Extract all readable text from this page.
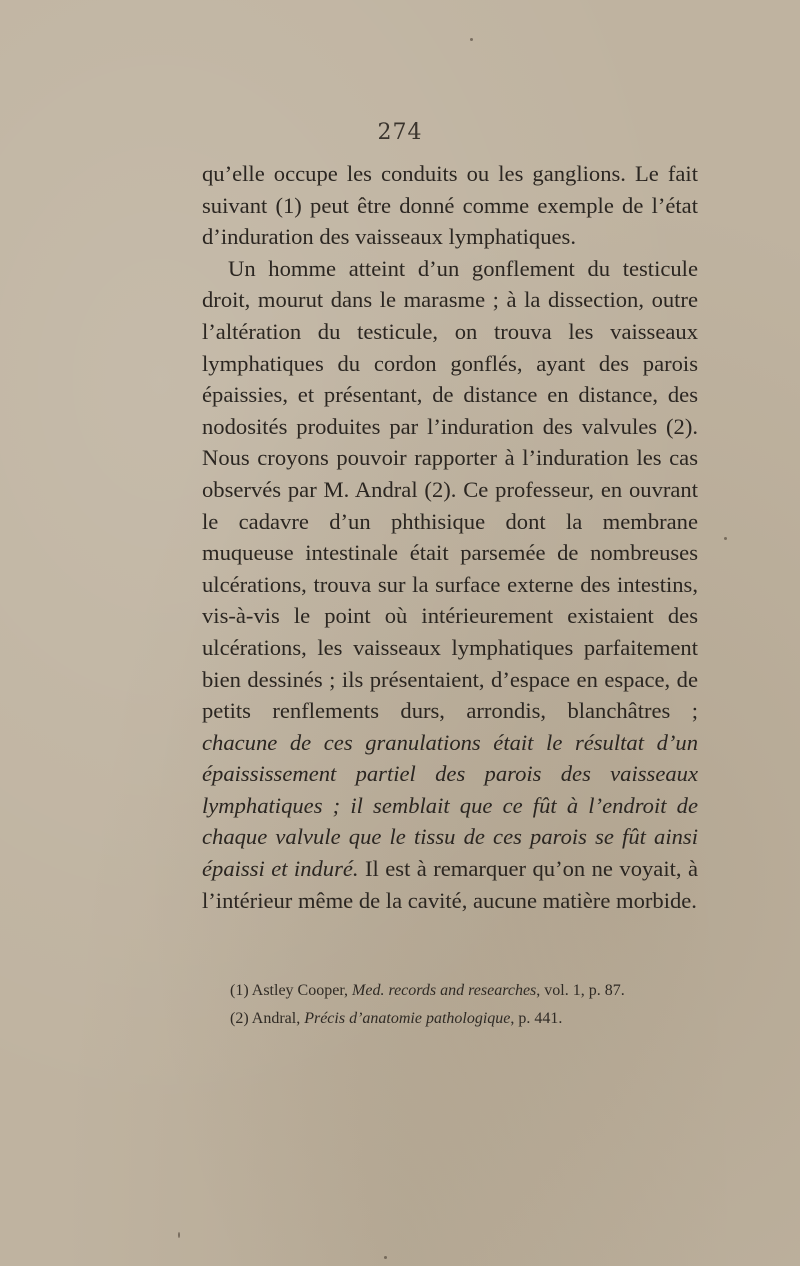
274

qu’elle occupe les conduits ou les ganglions. Le fait suivant (1) peut être donné comme exemple de l’état d’induration des vaisseaux lymphatiques.

Un homme atteint d’un gonflement du testicule droit, mourut dans le marasme ; à la dissection, outre l’altération du testicule, on trouva les vaisseaux lymphatiques du cordon gonflés, ayant des parois épaissies, et présentant, de distance en distance, des nodosités produites par l’induration des valvules (2). Nous croyons pouvoir rapporter à l’induration les cas observés par M. Andral (2). Ce professeur, en ouvrant le cadavre d’un phthisique dont la membrane muqueuse intestinale était parsemée de nombreuses ulcérations, trouva sur la surface externe des intestins, vis-à-vis le point où intérieurement existaient des ulcérations, les vaisseaux lymphatiques parfaitement bien dessinés ; ils présentaient, d’espace en espace, de petits renflements durs, arrondis, blanchâtres ; chacune de ces granulations était le résultat d’un épaississement partiel des parois des vaisseaux lymphatiques ; il semblait que ce fût à l’endroit de chaque valvule que le tissu de ces parois se fût ainsi épaissi et induré. Il est à remarquer qu’on ne voyait, à l’intérieur même de la cavité, aucune matière morbide.

(1) Astley Cooper, Med. records and researches, vol. 1, p. 87.

(2) Andral, Précis d’anatomie pathologique, p. 441.
